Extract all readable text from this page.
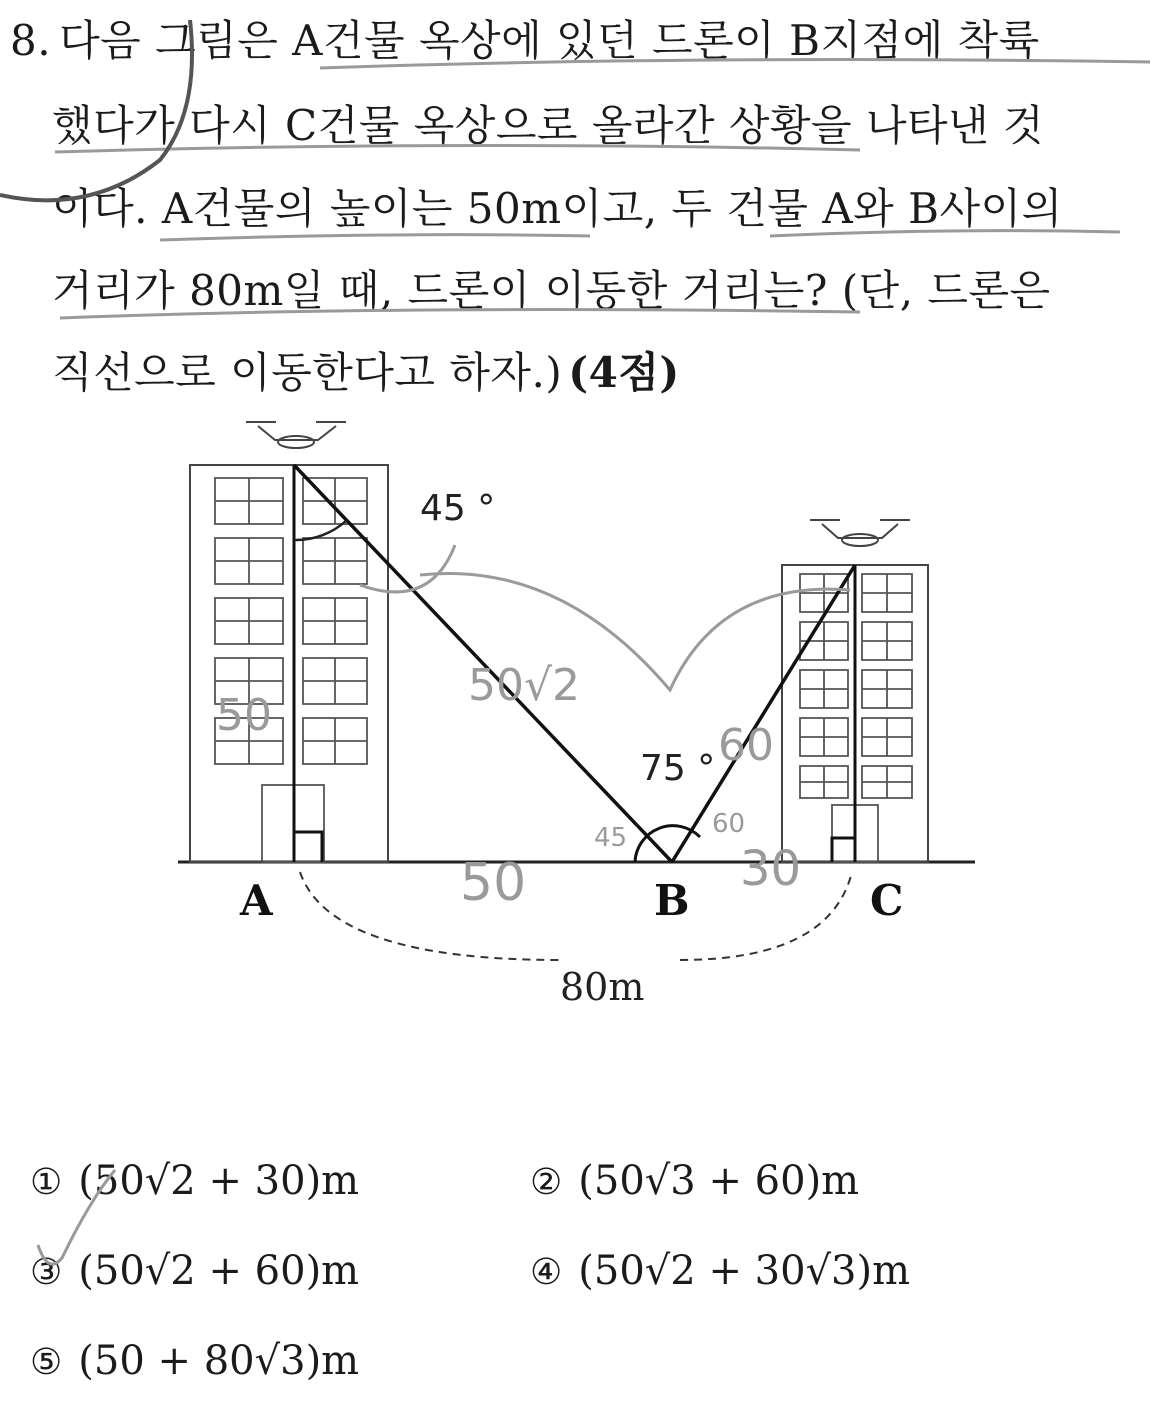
8. 다음 그림은 A건물 옥상에 있던 드론이 B지점에 착륙
했다가 다시 C건물 옥상으로 올라간 상황을 나타낸 것
이다. A건물의 높이는 50m이고, 두 건물 A와 B사이의
거리가 80m일 때, 드론이 이동한 거리는? (단, 드론은
직선으로 이동한다고 하자.) (4점)
45 °
75 °
A	B	C
80m
50
50√2
60
50	30
45	60
① (50√2 + 30)m	② (50√3 + 60)m
③ (50√2 + 60)m	④ (50√2 + 30√3)m
⑤ (50 + 80√3)m
